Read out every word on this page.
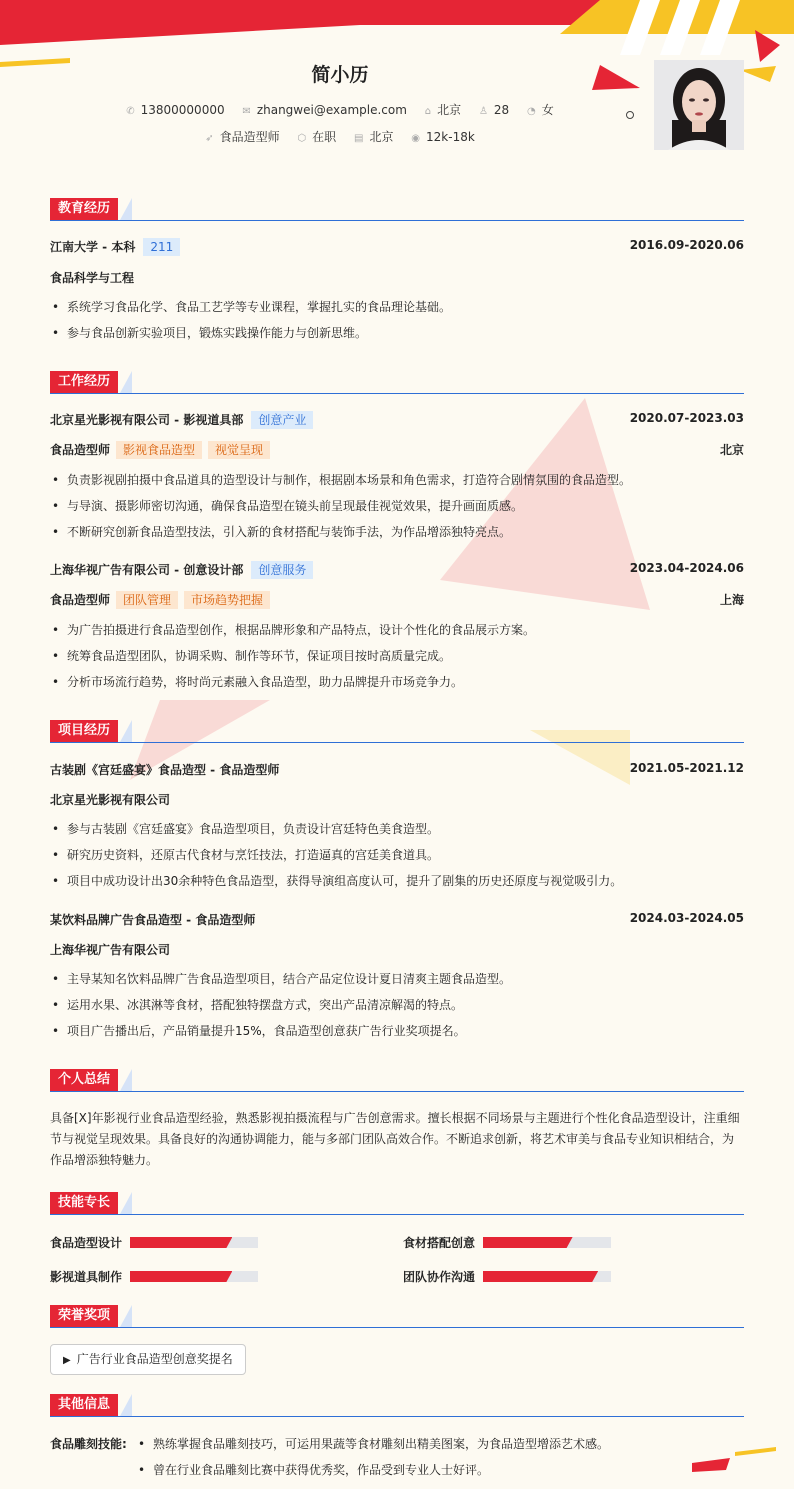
简小历
✆ 13800000000 ✉ zhangwei@example.com ⌂ 北京 ♙ 28 ◔ 女
➶ 食品造型师 ⬡ 在职 ▤ 北京 ◉ 12k-18k
教育经历
江南大学 - 本科 211	2016.09-2020.06
食品科学与工程
• 系统学习食品化学、食品工艺学等专业课程，掌握扎实的食品理论基础。
• 参与食品创新实验项目，锻炼实践操作能力与创新思维。
工作经历
北京星光影视有限公司 - 影视道具部 创意产业	2020.07-2023.03
食品造型师 影视食品造型 视觉呈现	北京
• 负责影视剧拍摄中食品道具的造型设计与制作，根据剧本场景和角色需求，打造符合剧情氛围的食品造型。
• 与导演、摄影师密切沟通，确保食品造型在镜头前呈现最佳视觉效果，提升画面质感。
• 不断研究创新食品造型技法，引入新的食材搭配与装饰手法，为作品增添独特亮点。
上海华视广告有限公司 - 创意设计部 创意服务	2023.04-2024.06
食品造型师 团队管理 市场趋势把握	上海
• 为广告拍摄进行食品造型创作，根据品牌形象和产品特点，设计个性化的食品展示方案。
• 统筹食品造型团队，协调采购、制作等环节，保证项目按时高质量完成。
• 分析市场流行趋势，将时尚元素融入食品造型，助力品牌提升市场竞争力。
项目经历
古装剧《宫廷盛宴》食品造型 - 食品造型师	2021.05-2021.12
北京星光影视有限公司
• 参与古装剧《宫廷盛宴》食品造型项目，负责设计宫廷特色美食造型。
• 研究历史资料，还原古代食材与烹饪技法，打造逼真的宫廷美食道具。
• 项目中成功设计出30余种特色食品造型，获得导演组高度认可，提升了剧集的历史还原度与视觉吸引力。
某饮料品牌广告食品造型 - 食品造型师	2024.03-2024.05
上海华视广告有限公司
• 主导某知名饮料品牌广告食品造型项目，结合产品定位设计夏日清爽主题食品造型。
• 运用水果、冰淇淋等食材，搭配独特摆盘方式，突出产品清凉解渴的特点。
• 项目广告播出后，产品销量提升15%，食品造型创意获广告行业奖项提名。
个人总结
具备[X]年影视行业食品造型经验，熟悉影视拍摄流程与广告创意需求。擅长根据不同场景与主题进行个性化食品造型设计，注重细节与视觉呈现效果。具备良好的沟通协调能力，能与多部门团队高效合作。不断追求创新，将艺术审美与食品专业知识相结合，为作品增添独特魅力。
技能专长
食品造型设计	食材搭配创意
影视道具制作	团队协作沟通
荣誉奖项
▶ 广告行业食品造型创意奖提名
其他信息
食品雕刻技能:
•	熟练掌握食品雕刻技巧，可运用果蔬等食材雕刻出精美图案，为食品造型增添艺术感。
• 曾在行业食品雕刻比赛中获得优秀奖，作品受到专业人士好评。
